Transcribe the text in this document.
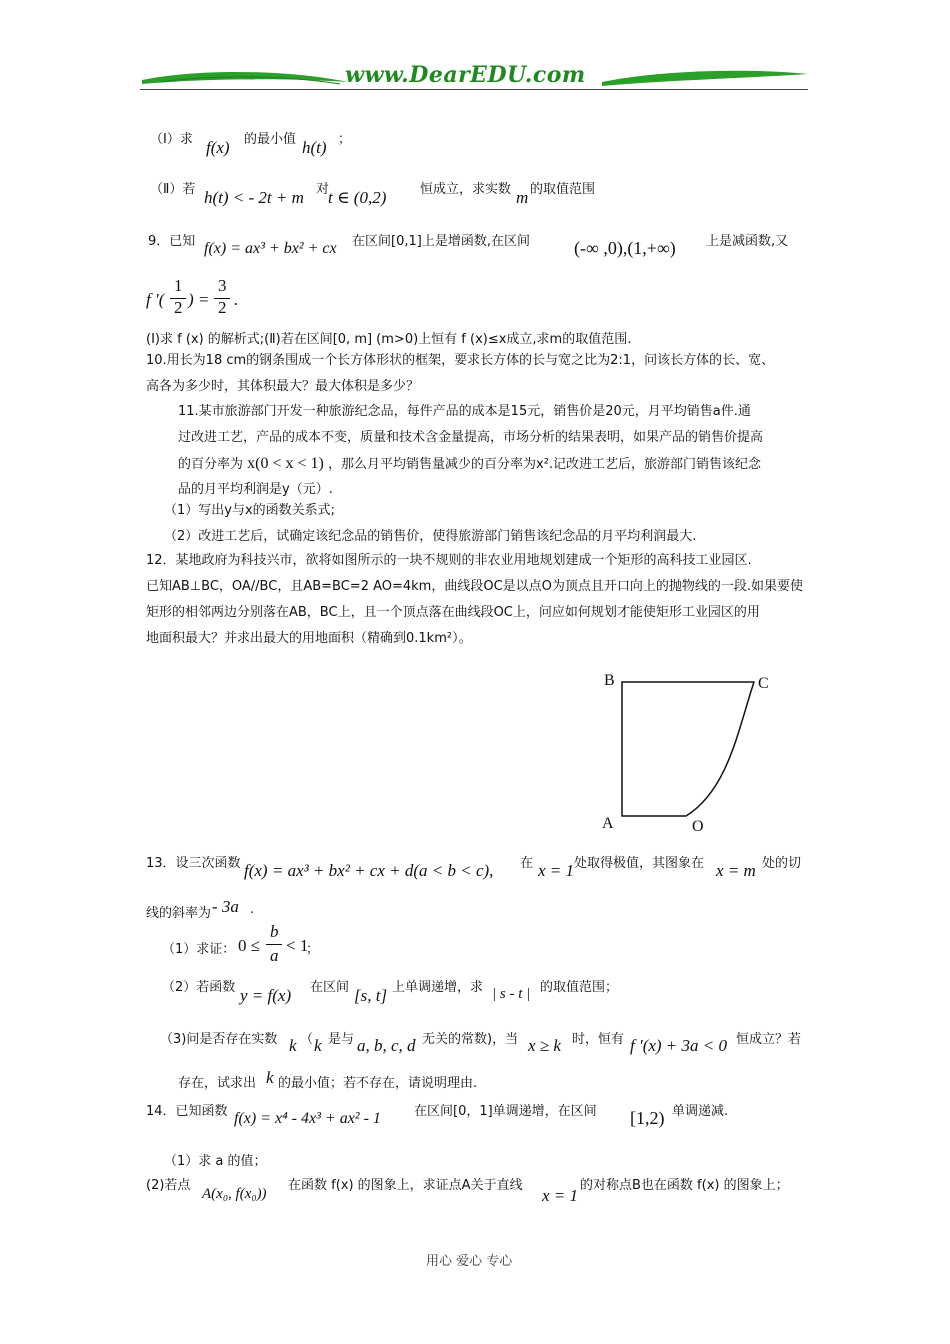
www.DearEDU.com
（Ⅰ）求 f(x) 的最小值 h(t) ；
（Ⅱ）若 h(t) < - 2t + m 对
t ∈ (0,2)	恒成立，求实数 m 的取值范围
9．已知 f(x) = ax³ + bx² + cx 在区间[0,1]上是增函数,在区间 (-∞ ,0),(1,+∞) 上是减函数,又
f ′(
1
2 ) =
3
2 .
(Ⅰ)求 f (x) 的解析式;(Ⅱ)若在区间[0, m] (m>0)上恒有 f (x)≤x成立,求m的取值范围.
10.用长为18 cm的钢条围成一个长方体形状的框架，要求长方体的长与宽之比为2:1，问该长方体的长、宽、
高各为多少时，其体积最大？最大体积是多少？
11.某市旅游部门开发一种旅游纪念品，每件产品的成本是15元，销售价是20元，月平均销售a件.通
过改进工艺，产品的成本不变，质量和技术含金量提高，市场分析的结果表明，如果产品的销售价提高
的百分率为 x(0 < x < 1) ，那么月平均销售量减少的百分率为x².记改进工艺后，旅游部门销售该纪念
品的月平均利润是y（元）.
（1）写出y与x的函数关系式;
（2）改进工艺后，试确定该纪念品的销售价，使得旅游部门销售该纪念品的月平均利润最大.
12．某地政府为科技兴市，欲将如图所示的一块不规则的非农业用地规划建成一个矩形的高科技工业园区.
已知AB⊥BC，OA//BC，且AB=BC=2 AO=4km，曲线段OC是以点O为顶点且开口向上的抛物线的一段.如果要使
矩形的相邻两边分别落在AB，BC上，且一个顶点落在曲线段OC上，问应如何规划才能使矩形工业园区的用
地面积最大？并求出最大的用地面积（精确到0.1km²）。
B	C
A	O
13．设三次函数 f(x) = ax³ + bx² + cx + d(a < b < c), 在 x = 1 处取得极值，其图象在 x = m 处的切
线的斜率为 - 3a .
（1）求证： 0 ≤
b
a
< 1
；
（2）若函数 y = f(x) 在区间 [s, t] 上单调递增，求 | s - t | 的取值范围；
（3)问是否存在实数 k （ k 是与 a, b, c, d 无关的常数)，当 x ≥ k 时，恒有 f ′(x) + 3a < 0 恒成立？若
存在，试求出 k 的最小值；若不存在，请说明理由.
14．已知函数 f(x) = x⁴ - 4x³ + ax² - 1	在区间[0，1]单调递增，在区间 [1,2) 单调递减.
（1）求 a 的值；
(2)若点
A(x₀, f(x₀))
在函数 f(x) 的图象上，求证点A关于直线
x = 1
的对称点B也在函数 f(x) 的图象上；
用心 爱心 专心
